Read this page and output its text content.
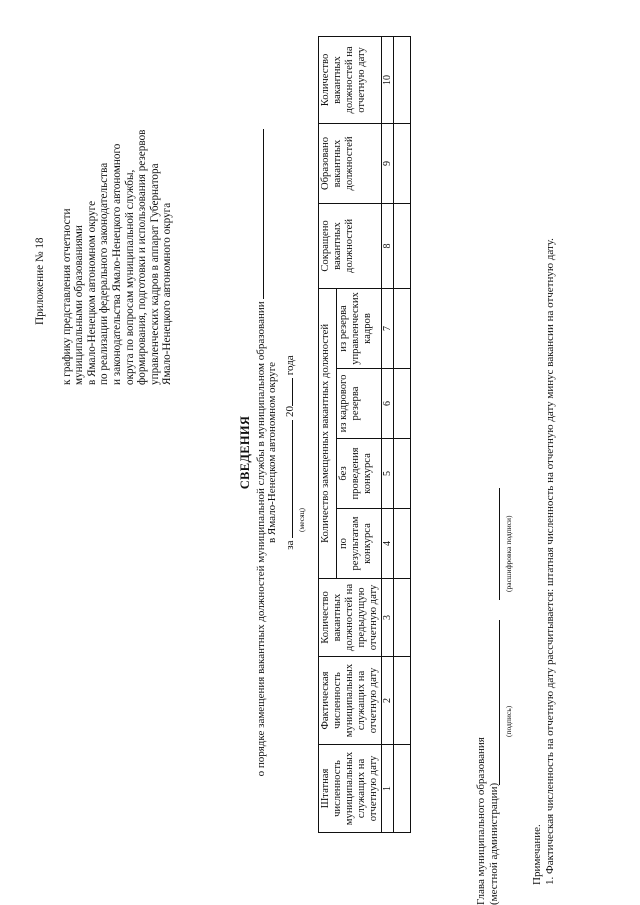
Приложение № 18 к графику представления отчетности муниципальными образованиями в Ямало-Ненецком автономном округе по реализации федерального законодательства и законодательства Ямало-Ненецкого автономного округа по вопросам муниципальной службы, формирования, подготовки и использования резервов управленческих кадров в аппарат Губернатора Ямало-Ненецкого автономного округа
СВЕДЕНИЯ о порядке замещения вакантных должностей муниципальной службы в муниципальном образовании в Ямало-Ненецком автономном округе
за  20 года
(месяц)
Штатная численность муниципальных служащих на отчетную дату	Фактическая численность муниципальных служащих на отчетную дату	Количество вакантных должностей на предыдущую отчетную дату	Количество замещенных вакантных должностей				Сокращено вакантных должностей	Образовано вакантных должностей	Количество вакантных должностей на отчетную дату
			по результатам конкурса	без проведения конкурса	из кадрового резерва	из резерва управленческих кадров			
1	2	3	4	5	6	7	8	9	10

Глава муниципального образования (местной администрации)
(подпись)
(расшифровка подписи)
Примечание. 1. Фактическая численность на отчетную дату рассчитывается: штатная численность на отчетную дату минус вакансии на отчетную дату.
